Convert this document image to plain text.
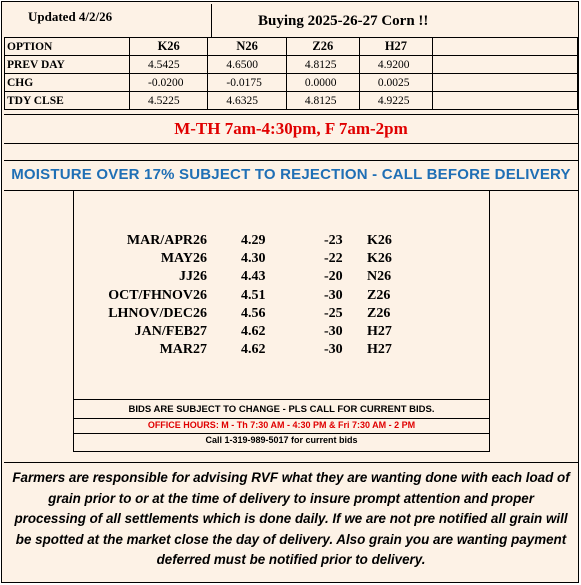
Updated 4/2/26	Buying 2025-26-27 Corn !!
OPTION	K26	N26	Z26	H27	
PREV DAY	4.5425	4.6500	4.8125	4.9200	
CHG	-0.0200	-0.0175	0.0000	0.0025	
TDY CLSE	4.5225	4.6325	4.8125	4.9225	
M-TH 7am-4:30pm, F 7am-2pm
MOISTURE OVER 17% SUBJECT TO REJECTION - CALL BEFORE DELIVERY
MAR/APR26 4.29	-23 K26
MAY26 4.30	-22 K26
JJ26 4.43	-20 N26
OCT/FHNOV26 4.51	-30 Z26
LHNOV/DEC26 4.56	-25 Z26
JAN/FEB27 4.62	-30 H27
MAR27 4.62	-30 H27
BIDS ARE SUBJECT TO CHANGE - PLS CALL FOR CURRENT BIDS.
OFFICE HOURS: M - Th 7:30 AM - 4:30 PM & Fri 7:30 AM - 2 PM
Call 1-319-989-5017 for current bids
Farmers are responsible for advising RVF what they are wanting done with each load of grain prior to or at the time of delivery to insure prompt attention and proper processing of all settlements which is done daily. If we are not pre notified all grain will be spotted at the market close the day of delivery. Also grain you are wanting payment deferred must be notified prior to delivery.
